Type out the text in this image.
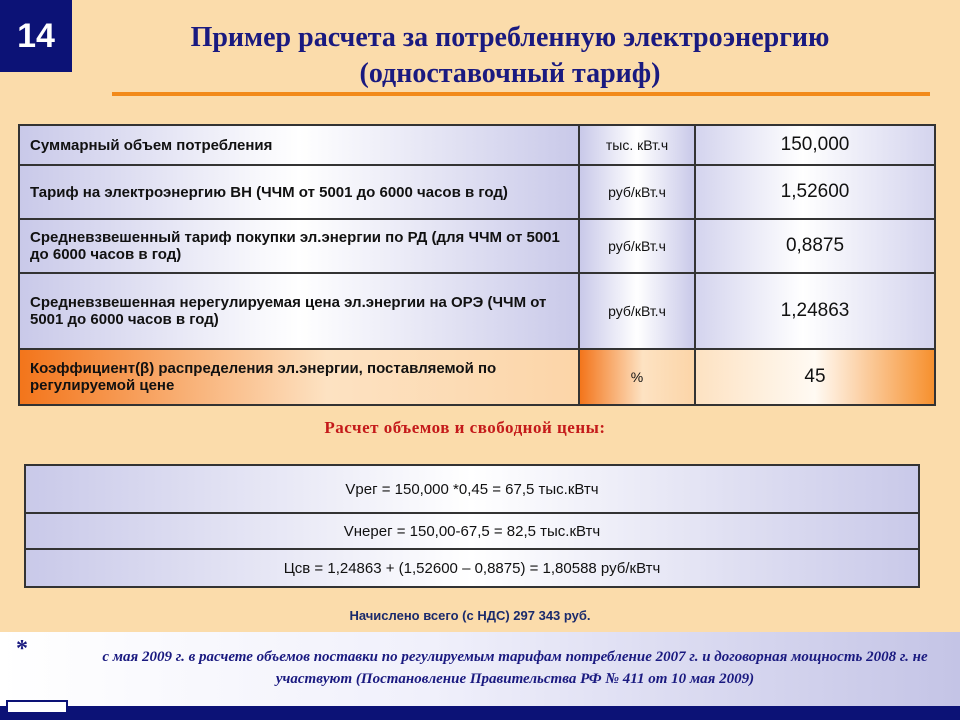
14	Пример расчета за потребленную электроэнергию
(одноставочный тариф)
Суммарный объем потребления	тыс. кВт.ч	150,000
Тариф на электроэнергию ВН (ЧЧМ от 5001 до 6000 часов в год)	руб/кВт.ч	1,52600
Средневзвешенный тариф покупки эл.энергии по РД (для ЧЧМ от 5001 до 6000 часов в год)	руб/кВт.ч	0,8875
Средневзвешенная нерегулируемая цена эл.энергии на ОРЭ (ЧЧМ от 5001 до 6000 часов в год)	руб/кВт.ч	1,24863
Коэффициент(β) распределения эл.энергии, поставляемой по регулируемой цене	%	45
Расчет объемов и свободной цены:
Vрег = 150,000 *0,45 = 67,5 тыс.кВтч
Vнерег = 150,00-67,5 = 82,5 тыс.кВтч
Цсв = 1,24863 + (1,52600 – 0,8875) = 1,80588 руб/кВтч
Начислено всего (с НДС) 297 343 руб.
*	с мая 2009 г. в расчете объемов поставки по регулируемым тарифам потребление 2007 г. и договорная мощность 2008 г. не участвуют (Постановление Правительства РФ № 411 от 10 мая 2009)
